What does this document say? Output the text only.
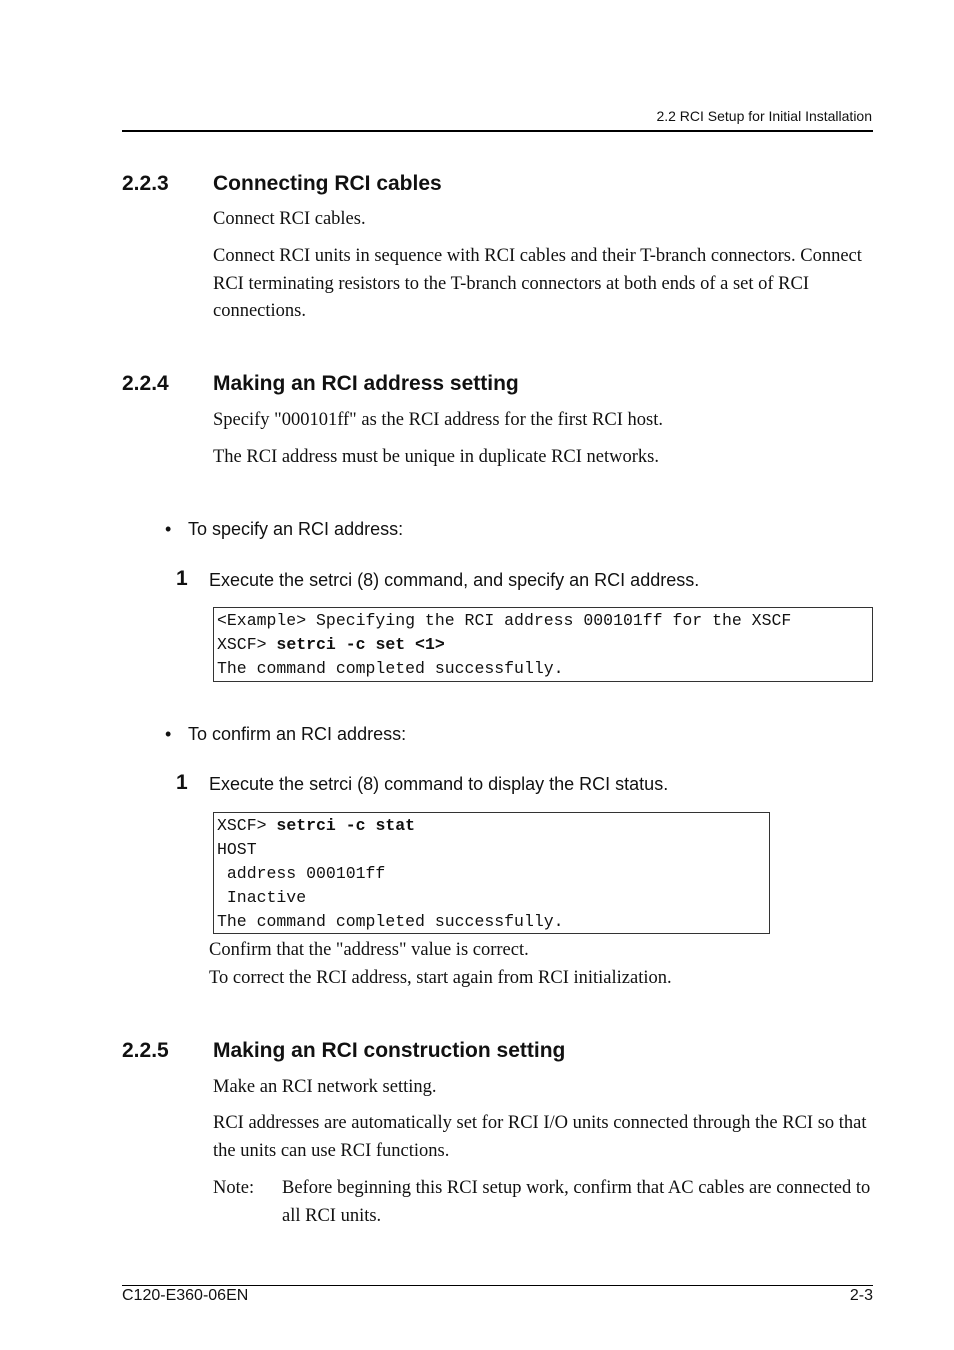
2.2 RCI Setup for Initial Installation
2.2.3 Connecting RCI cables
Connect RCI cables.
Connect RCI units in sequence with RCI cables and their T-branch connectors. Connect RCI terminating resistors to the T-branch connectors at both ends of a set of RCI connections.
2.2.4 Making an RCI address setting
Specify "000101ff" as the RCI address for the first RCI host.
The RCI address must be unique in duplicate RCI networks.
• To specify an RCI address:
1 Execute the setrci (8) command, and specify an RCI address.
<Example> Specifying the RCI address 000101ff for the XSCF
XSCF> setrci -c set <1>
The command completed successfully.
• To confirm an RCI address:
1 Execute the setrci (8) command to display the RCI status.
XSCF> setrci -c stat
HOST
address 000101ff
Inactive
The command completed successfully.
Confirm that the "address" value is correct.
To correct the RCI address, start again from RCI initialization.
2.2.5 Making an RCI construction setting
Make an RCI network setting.
RCI addresses are automatically set for RCI I/O units connected through the RCI so that the units can use RCI functions.
Note: Before beginning this RCI setup work, confirm that AC cables are connected to all RCI units.
C120-E360-06EN	2-3
